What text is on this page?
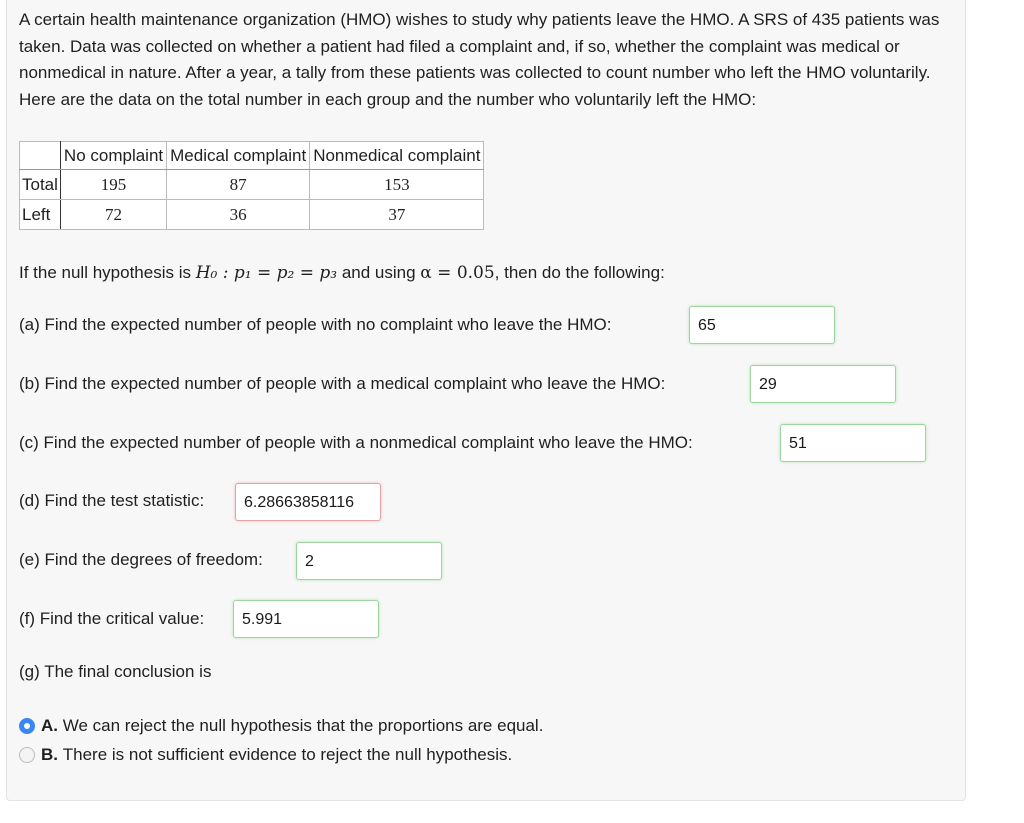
A certain health maintenance organization (HMO) wishes to study why patients leave the HMO. A SRS of 435 patients was taken. Data was collected on whether a patient had filed a complaint and, if so, whether the complaint was medical or nonmedical in nature. After a year, a tally from these patients was collected to count number who left the HMO voluntarily. Here are the data on the total number in each group and the number who voluntarily left the HMO:
	No complaint	Medical complaint	Nonmedical complaint
Total	195	87	153
Left	72	36	37
If the null hypothesis is H₀ : p₁ = p₂ = p₃ and using α = 0.05, then do the following:
(a) Find the expected number of people with no complaint who leave the HMO:	65
(b) Find the expected number of people with a medical complaint who leave the HMO:	29
(c) Find the expected number of people with a nonmedical complaint who leave the HMO:	51
(d) Find the test statistic:	6.28663858116
(e) Find the degrees of freedom:	2
(f) Find the critical value:	5.991
(g) The final conclusion is
A.
We can reject the null hypothesis that the proportions are equal.
B.
There is not sufficient evidence to reject the null hypothesis.
